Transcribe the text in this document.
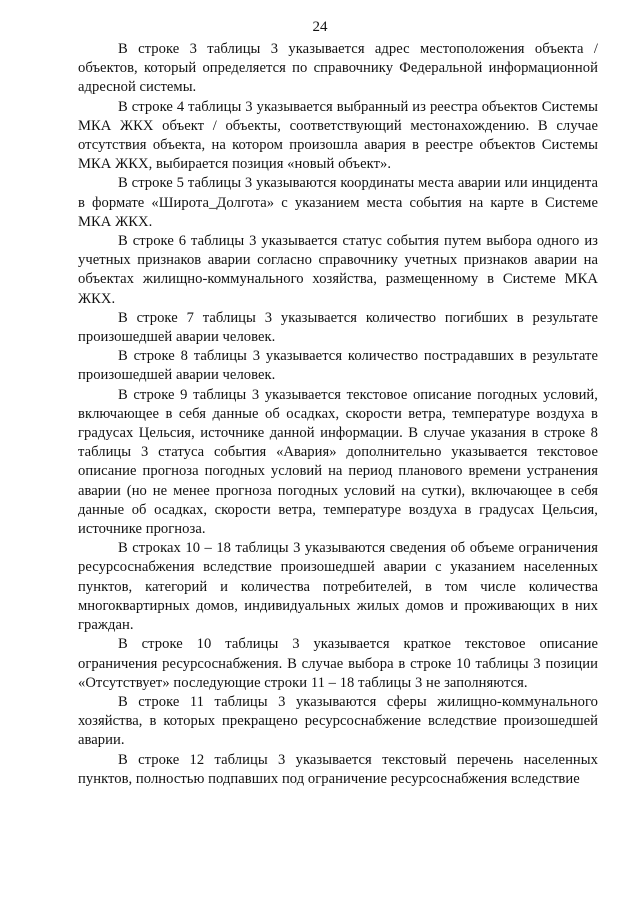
24

В строке 3 таблицы 3 указывается адрес местоположения объекта / объектов, который определяется по справочнику Федеральной информационной адресной системы.

В строке 4 таблицы 3 указывается выбранный из реестра объектов Системы МКА ЖКХ объект / объекты, соответствующий местонахождению. В случае отсутствия объекта, на котором произошла авария в реестре объектов Системы МКА ЖКХ, выбирается позиция «новый объект».

В строке 5 таблицы 3 указываются координаты места аварии или инцидента в формате «Широта_Долгота» с указанием места события на карте в Системе МКА ЖКХ.

В строке 6 таблицы 3 указывается статус события путем выбора одного из учетных признаков аварии согласно справочнику учетных признаков аварии на объектах жилищно-коммунального хозяйства, размещенному в Системе МКА ЖКХ.

В строке 7 таблицы 3 указывается количество погибших в результате произошедшей аварии человек.

В строке 8 таблицы 3 указывается количество пострадавших в результате произошедшей аварии человек.

В строке 9 таблицы 3 указывается текстовое описание погодных условий, включающее в себя данные об осадках, скорости ветра, температуре воздуха в градусах Цельсия, источнике данной информации. В случае указания в строке 8 таблицы 3 статуса события «Авария» дополнительно указывается текстовое описание прогноза погодных условий на период планового времени устранения аварии (но не менее прогноза погодных условий на сутки), включающее в себя данные об осадках, скорости ветра, температуре воздуха в градусах Цельсия, источнике прогноза.

В строках 10 – 18 таблицы 3 указываются сведения об объеме ограничения ресурсоснабжения вследствие произошедшей аварии с указанием населенных пунктов, категорий и количества потребителей, в том числе количества многоквартирных домов, индивидуальных жилых домов и проживающих в них граждан.

В строке 10 таблицы 3 указывается краткое текстовое описание ограничения ресурсоснабжения. В случае выбора в строке 10 таблицы 3 позиции «Отсутствует» последующие строки 11 – 18 таблицы 3 не заполняются.

В строке 11 таблицы 3 указываются сферы жилищно-коммунального хозяйства, в которых прекращено ресурсоснабжение вследствие произошедшей аварии.

В строке 12 таблицы 3 указывается текстовый перечень населенных пунктов, полностью подпавших под ограничение ресурсоснабжения вследствие
